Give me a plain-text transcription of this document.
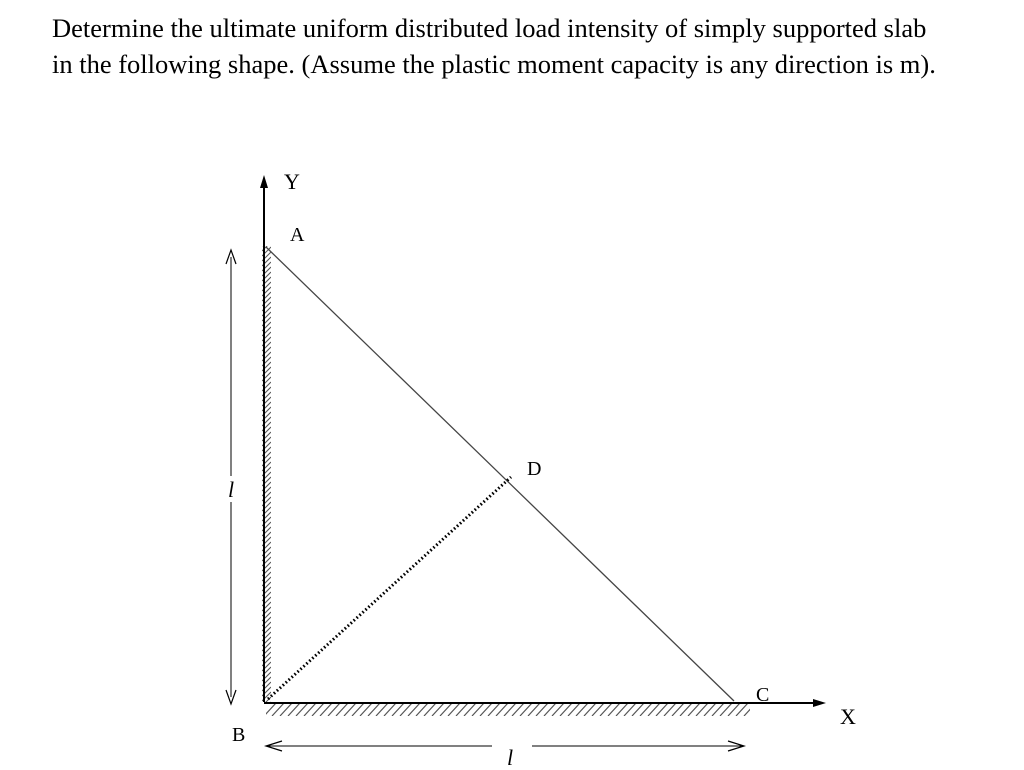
Determine the ultimate uniform distributed load intensity of simply supported slab
in the following shape. (Assume the plastic moment capacity is any direction is m).
Y
X
A
B
C
D
l
l
